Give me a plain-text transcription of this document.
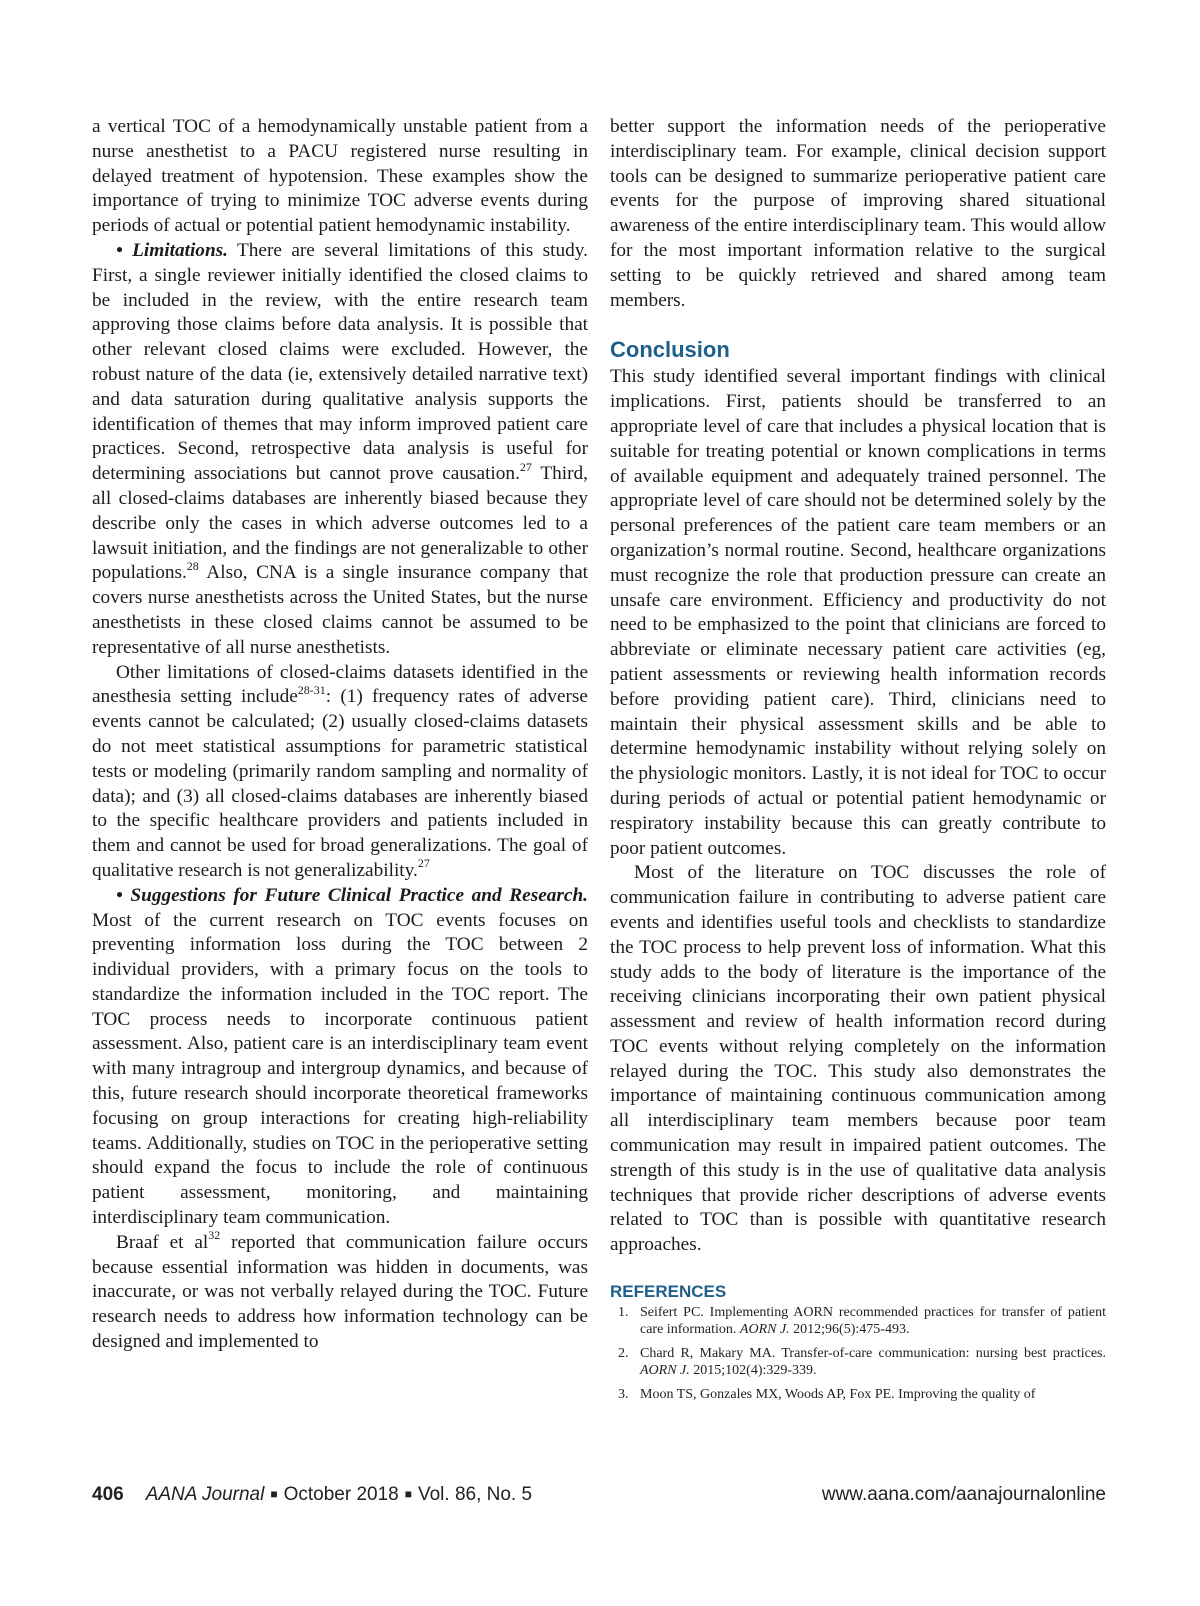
a vertical TOC of a hemodynamically unstable patient from a nurse anesthetist to a PACU registered nurse resulting in delayed treatment of hypotension. These examples show the importance of trying to minimize TOC adverse events during periods of actual or potential patient hemodynamic instability.

• Limitations. There are several limitations of this study. First, a single reviewer initially identified the closed claims to be included in the review, with the entire research team approving those claims before data analysis. It is possible that other relevant closed claims were excluded. However, the robust nature of the data (ie, extensively detailed narrative text) and data saturation during qualitative analysis supports the identification of themes that may inform improved patient care practices. Second, retrospective data analysis is useful for determining associations but cannot prove causation.$^{27}$ Third, all closed-claims databases are inherently biased because they describe only the cases in which adverse outcomes led to a lawsuit initiation, and the findings are not generalizable to other populations.$^{28}$ Also, CNA is a single insurance company that covers nurse anesthetists across the United States, but the nurse anesthetists in these closed claims cannot be assumed to be representative of all nurse anesthetists.

Other limitations of closed-claims datasets identified in the anesthesia setting include$^{28-31}$: (1) frequency rates of adverse events cannot be calculated; (2) usually closed-claims datasets do not meet statistical assumptions for parametric statistical tests or modeling (primarily random sampling and normality of data); and (3) all closed-claims databases are inherently biased to the specific healthcare providers and patients included in them and cannot be used for broad generalizations. The goal of qualitative research is not generalizability.$^{27}$

• Suggestions for Future Clinical Practice and Research. Most of the current research on TOC events focuses on preventing information loss during the TOC between 2 individual providers, with a primary focus on the tools to standardize the information included in the TOC report. The TOC process needs to incorporate continuous patient assessment. Also, patient care is an interdisciplinary team event with many intragroup and intergroup dynamics, and because of this, future research should incorporate theoretical frameworks focusing on group interactions for creating high-reliability teams. Additionally, studies on TOC in the perioperative setting should expand the focus to include the role of continuous patient assessment, monitoring, and maintaining interdisciplinary team communication.

Braaf et $al^{32}$ reported that communication failure occurs because essential information was hidden in documents, was inaccurate, or was not verbally relayed during the TOC. Future research needs to address how information technology can be designed and implemented to

better support the information needs of the perioperative interdisciplinary team. For example, clinical decision support tools can be designed to summarize perioperative patient care events for the purpose of improving shared situational awareness of the entire interdisciplinary team. This would allow for the most important information relative to the surgical setting to be quickly retrieved and shared among team members.

Conclusion

This study identified several important findings with clinical implications. First, patients should be transferred to an appropriate level of care that includes a physical location that is suitable for treating potential or known complications in terms of available equipment and adequately trained personnel. The appropriate level of care should not be determined solely by the personal preferences of the patient care team members or an organization’s normal routine. Second, healthcare organizations must recognize the role that production pressure can create an unsafe care environment. Efficiency and productivity do not need to be emphasized to the point that clinicians are forced to abbreviate or eliminate necessary patient care activities (eg, patient assessments or reviewing health information records before providing patient care). Third, clinicians need to maintain their physical assessment skills and be able to determine hemodynamic instability without relying solely on the physiologic monitors. Lastly, it is not ideal for TOC to occur during periods of actual or potential patient hemodynamic or respiratory instability because this can greatly contribute to poor patient outcomes.

Most of the literature on TOC discusses the role of communication failure in contributing to adverse patient care events and identifies useful tools and checklists to standardize the TOC process to help prevent loss of information. What this study adds to the body of literature is the importance of the receiving clinicians incorporating their own patient physical assessment and review of health information record during TOC events without relying completely on the information relayed during the TOC. This study also demonstrates the importance of maintaining continuous communication among all interdisciplinary team members because poor team communication may result in impaired patient outcomes. The strength of this study is in the use of qualitative data analysis techniques that provide richer descriptions of adverse events related to TOC than is possible with quantitative research approaches.

REFERENCES
1. Seifert PC. Implementing AORN recommended practices for transfer of patient care information. AORN J. 2012;96(5):475-493.
2. Chard R, Makary MA. Transfer-of-care communication: nursing best practices. AORN J. 2015;102(4):329-339.
3. Moon TS, Gonzales MX, Woods AP, Fox PE. Improving the quality of
406 AANA Journal ■ October 2018 ■ Vol. 86, No. 5	www.aana.com/aanajournalonline
